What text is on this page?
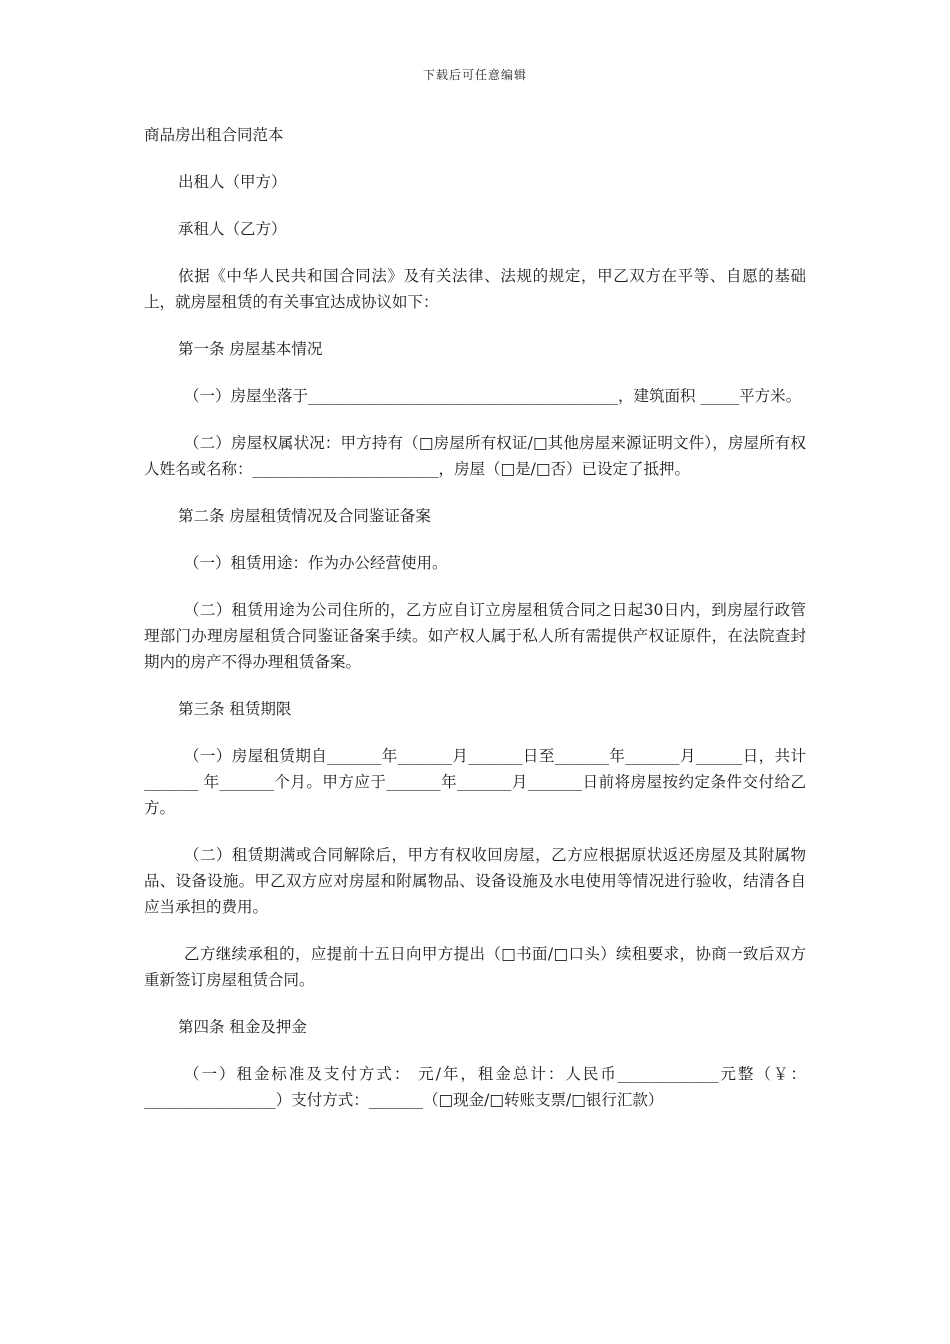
下载后可任意编辑

商品房出租合同范本

出租人（甲方）

承租人（乙方）

依据《中华人民共和国合同法》及有关法律、法规的规定，甲乙双方在平等、自愿的基础上，就房屋租赁的有关事宜达成协议如下：

第一条 房屋基本情况

（一）房屋坐落于________________________________________，建筑面积 _____平方米。

（二）房屋权属状况：甲方持有（□房屋所有权证/□其他房屋来源证明文件），房屋所有权人姓名或名称：________________________，房屋（□是/□否）已设定了抵押。

第二条 房屋租赁情况及合同鉴证备案

（一）租赁用途：作为办公经营使用。

（二）租赁用途为公司住所的，乙方应自订立房屋租赁合同之日起30日内，到房屋行政管理部门办理房屋租赁合同鉴证备案手续。如产权人属于私人所有需提供产权证原件，在法院查封期内的房产不得办理租赁备案。

第三条 租赁期限

（一）房屋租赁期自_______年_______月_______日至_______年_______月______日，共计_______ 年_______个月。甲方应于_______年_______月_______日前将房屋按约定条件交付给乙方。

（二）租赁期满或合同解除后，甲方有权收回房屋，乙方应根据原状返还房屋及其附属物品、设备设施。甲乙双方应对房屋和附属物品、设备设施及水电使用等情况进行验收，结清各自应当承担的费用。

乙方继续承租的，应提前十五日向甲方提出（□书面/□口头）续租要求，协商一致后双方重新签订房屋租赁合同。

第四条 租金及押金

（一）租金标准及支付方式： 元/年，租金总计：人民币_____________元整（￥：_________________）支付方式：_______（□现金/□转账支票/□银行汇款）
